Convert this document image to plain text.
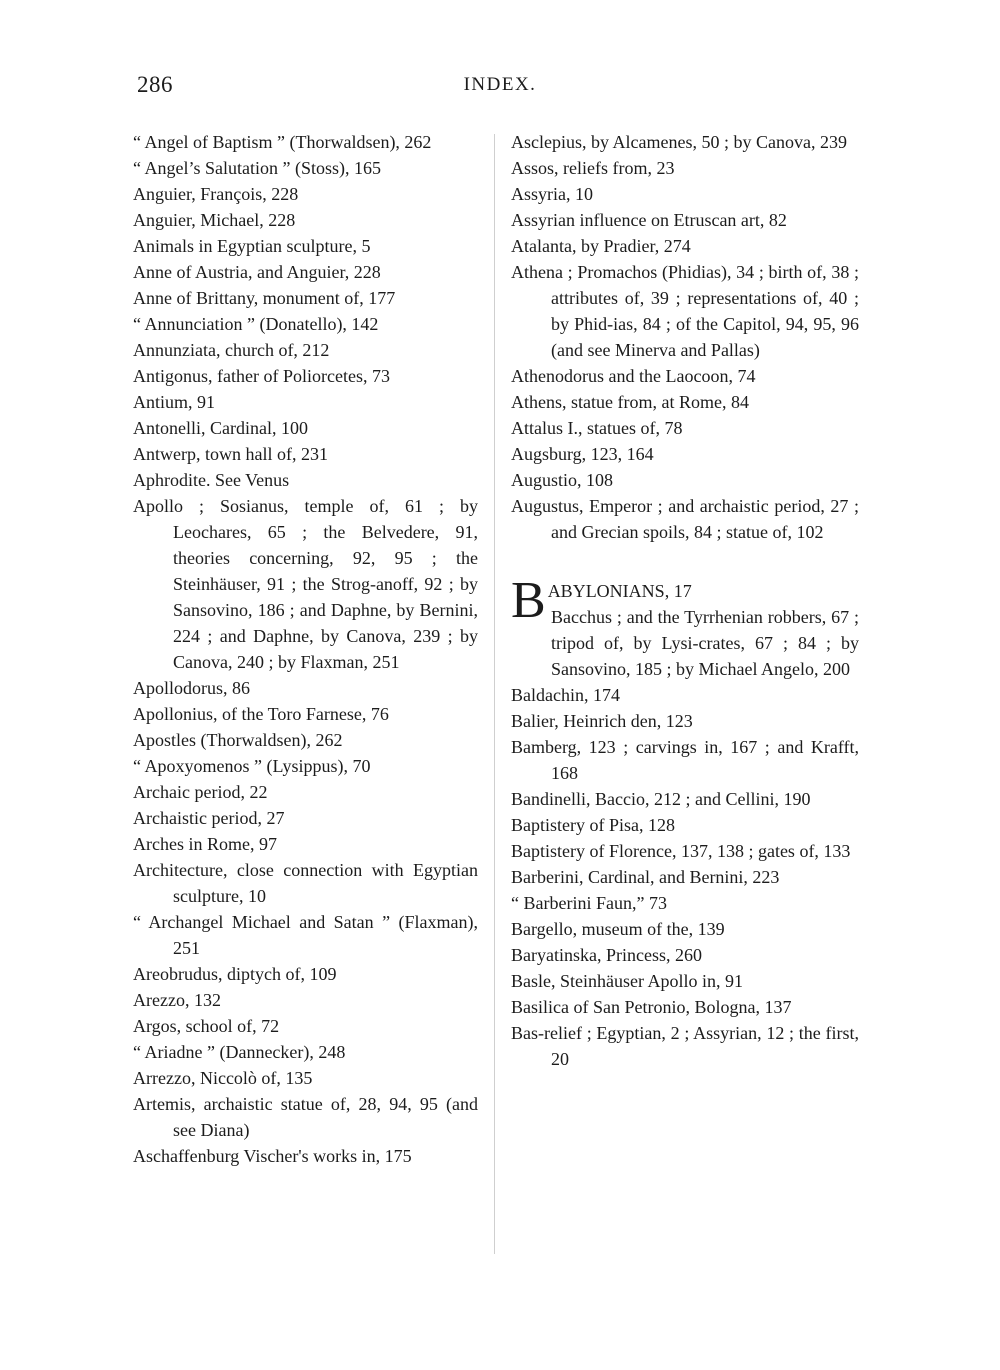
286	INDEX.
“ Angel of Baptism ” (Thorwaldsen), 262
“ Angel’s Salutation ” (Stoss), 165
Anguier, François, 228
Anguier, Michael, 228
Animals in Egyptian sculpture, 5
Anne of Austria, and Anguier, 228
Anne of Brittany, monument of, 177
“ Annunciation ” (Donatello), 142
Annunziata, church of, 212
Antigonus, father of Poliorcetes, 73
Antium, 91
Antonelli, Cardinal, 100
Antwerp, town hall of, 231
Aphrodite. See Venus
Apollo ; Sosianus, temple of, 61 ; by Leochares, 65 ; the Belvedere, 91, theories concerning, 92, 95 ; the Steinhäuser, 91 ; the Strog-anoff, 92 ; by Sansovino, 186 ; and Daphne, by Bernini, 224 ; and Daphne, by Canova, 239 ; by Canova, 240 ; by Flaxman, 251
Apollodorus, 86
Apollonius, of the Toro Farnese, 76
Apostles (Thorwaldsen), 262
“ Apoxyomenos ” (Lysippus), 70
Archaic period, 22
Archaistic period, 27
Arches in Rome, 97
Architecture, close connection with Egyptian sculpture, 10
“ Archangel Michael and Satan ” (Flaxman), 251
Areobrudus, diptych of, 109
Arezzo, 132
Argos, school of, 72
“ Ariadne ” (Dannecker), 248
Arrezzo, Niccolò of, 135
Artemis, archaistic statue of, 28, 94, 95 (and see Diana)
Aschaffenburg Vischer's works in, 175
Asclepius, by Alcamenes, 50 ; by Canova, 239
Assos, reliefs from, 23
Assyria, 10
Assyrian influence on Etruscan art, 82
Atalanta, by Pradier, 274
Athena ; Promachos (Phidias), 34 ; birth of, 38 ; attributes of, 39 ; representations of, 40 ; by Phid-ias, 84 ; of the Capitol, 94, 95, 96 (and see Minerva and Pallas)
Athenodorus and the Laocoon, 74
Athens, statue from, at Rome, 84
Attalus I., statues of, 78
Augsburg, 123, 164
Augustio, 108
Augustus, Emperor ; and archaistic period, 27 ; and Grecian spoils, 84 ; statue of, 102
B ABYLONIANS, 17
Bacchus ; and the Tyrrhenian robbers, 67 ; tripod of, by Lysi-crates, 67 ; 84 ; by Sansovino, 185 ; by Michael Angelo, 200
Baldachin, 174
Balier, Heinrich den, 123
Bamberg, 123 ; carvings in, 167 ; and Krafft, 168
Bandinelli, Baccio, 212 ; and Cellini, 190
Baptistery of Pisa, 128
Baptistery of Florence, 137, 138 ; gates of, 133
Barberini, Cardinal, and Bernini, 223
“ Barberini Faun,” 73
Bargello, museum of the, 139
Baryatinska, Princess, 260
Basle, Steinhäuser Apollo in, 91
Basilica of San Petronio, Bologna, 137
Bas-relief ; Egyptian, 2 ; Assyrian, 12 ; the first, 20
